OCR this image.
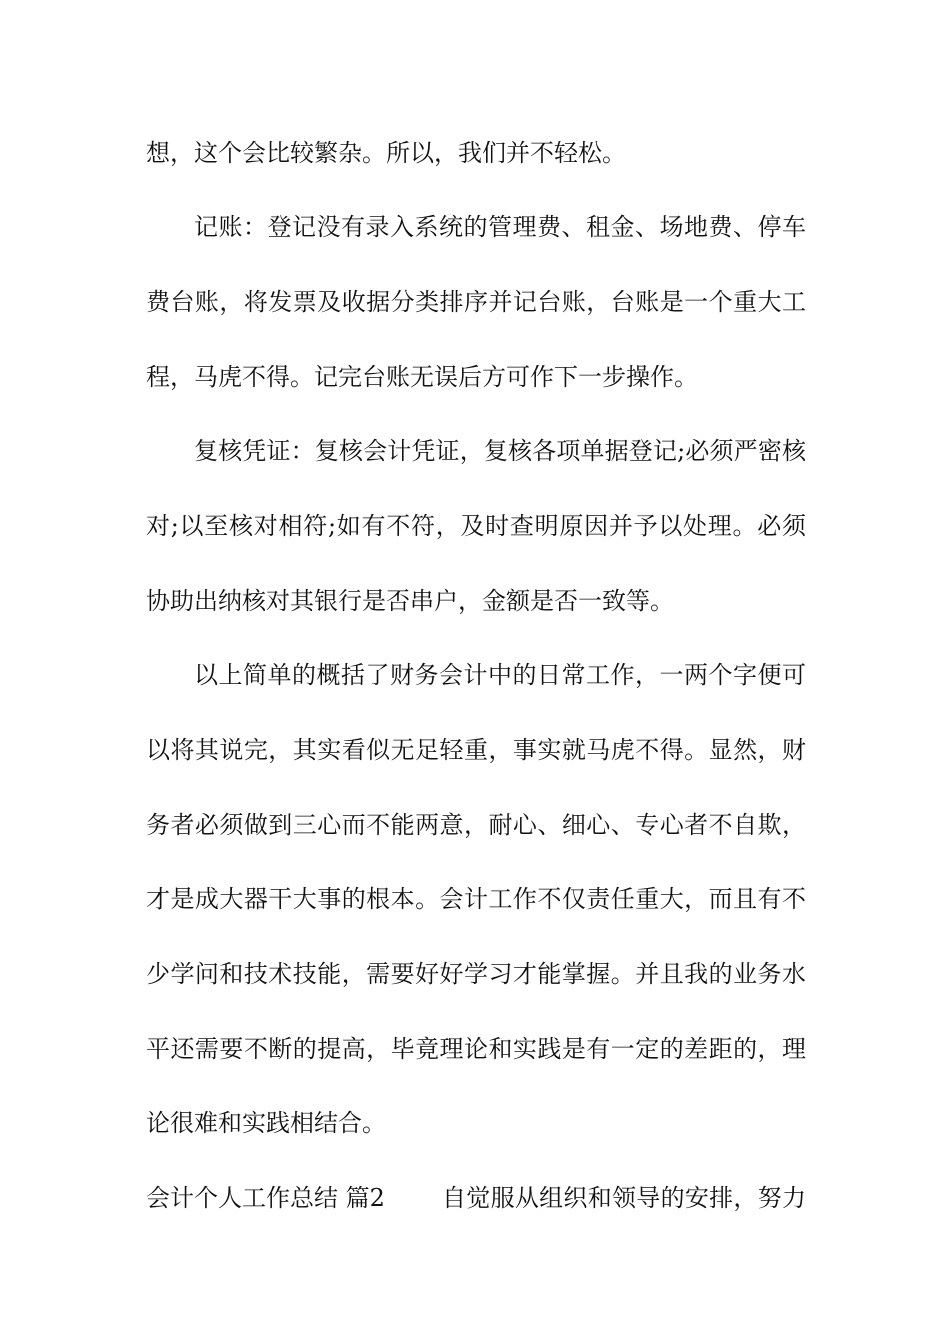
想，这个会比较繁杂。所以，我们并不轻松。
记账：登记没有录入系统的管理费、租金、场地费、停车
费台账，将发票及收据分类排序并记台账，台账是一个重大工
程，马虎不得。记完台账无误后方可作下一步操作。
复核凭证：复核会计凭证，复核各项单据登记;必须严密核
对;以至核对相符;如有不符，及时查明原因并予以处理。必须
协助出纳核对其银行是否串户，金额是否一致等。
以上简单的概括了财务会计中的日常工作，一两个字便可
以将其说完，其实看似无足轻重，事实就马虎不得。显然，财
务者必须做到三心而不能两意，耐心、细心、专心者不自欺，
才是成大器干大事的根本。会计工作不仅责任重大，而且有不
少学问和技术技能，需要好好学习才能掌握。并且我的业务水
平还需要不断的提高，毕竟理论和实践是有一定的差距的，理
论很难和实践相结合。
会计个人工作总结 篇2 自觉服从组织和领导的安排，努力
